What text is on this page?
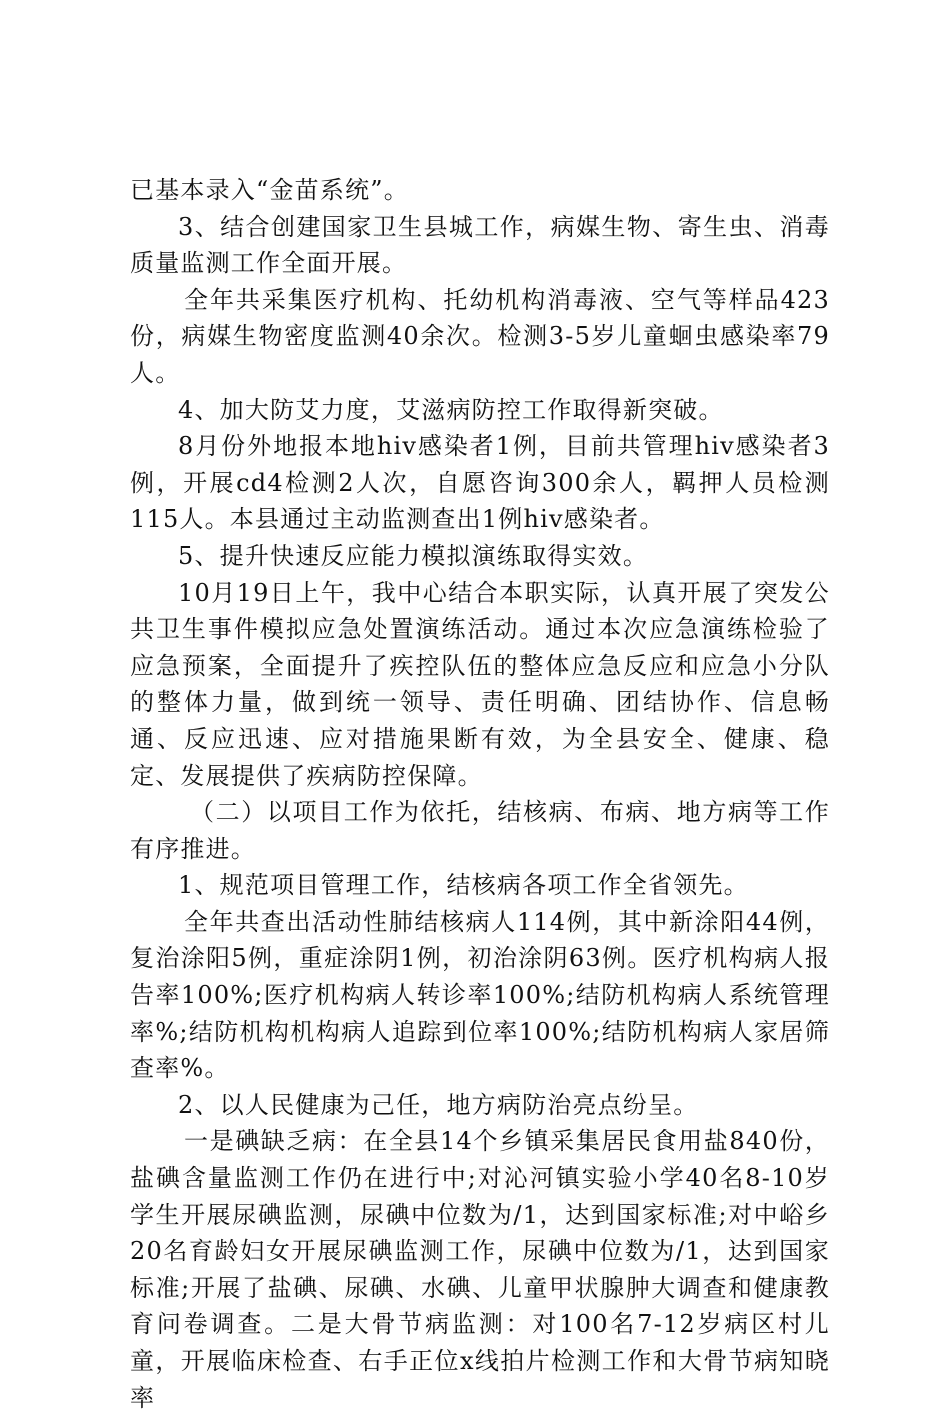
已基本录入“金苗系统”。

3、结合创建国家卫生县城工作，病媒生物、寄生虫、消毒质量监测工作全面开展。

全年共采集医疗机构、托幼机构消毒液、空气等样品423份，病媒生物密度监测40余次。检测3-5岁儿童蛔虫感染率79人。

4、加大防艾力度，艾滋病防控工作取得新突破。

8月份外地报本地hiv感染者1例，目前共管理hiv感染者3例，开展cd4检测2人次，自愿咨询300余人，羁押人员检测115人。本县通过主动监测查出1例hiv感染者。

5、提升快速反应能力模拟演练取得实效。

10月19日上午，我中心结合本职实际，认真开展了突发公共卫生事件模拟应急处置演练活动。通过本次应急演练检验了应急预案，全面提升了疾控队伍的整体应急反应和应急小分队的整体力量，做到统一领导、责任明确、团结协作、信息畅通、反应迅速、应对措施果断有效，为全县安全、健康、稳定、发展提供了疾病防控保障。

（二）以项目工作为依托，结核病、布病、地方病等工作有序推进。

1、规范项目管理工作，结核病各项工作全省领先。

全年共查出活动性肺结核病人114例，其中新涂阳44例，复治涂阳5例，重症涂阴1例，初治涂阴63例。医疗机构病人报告率100%;医疗机构病人转诊率100%;结防机构病人系统管理率%;结防机构机构病人追踪到位率100%;结防机构病人家居筛查率%。

2、以人民健康为己任，地方病防治亮点纷呈。

一是碘缺乏病：在全县14个乡镇采集居民食用盐840份，盐碘含量监测工作仍在进行中;对沁河镇实验小学40名8-10岁学生开展尿碘监测，尿碘中位数为/1，达到国家标准;对中峪乡20名育龄妇女开展尿碘监测工作，尿碘中位数为/1，达到国家标准;开展了盐碘、尿碘、水碘、儿童甲状腺肿大调查和健康教育问卷调查。二是大骨节病监测：对100名7-12岁病区村儿童，开展临床检查、右手正位x线拍片检测工作和大骨节病知晓率
